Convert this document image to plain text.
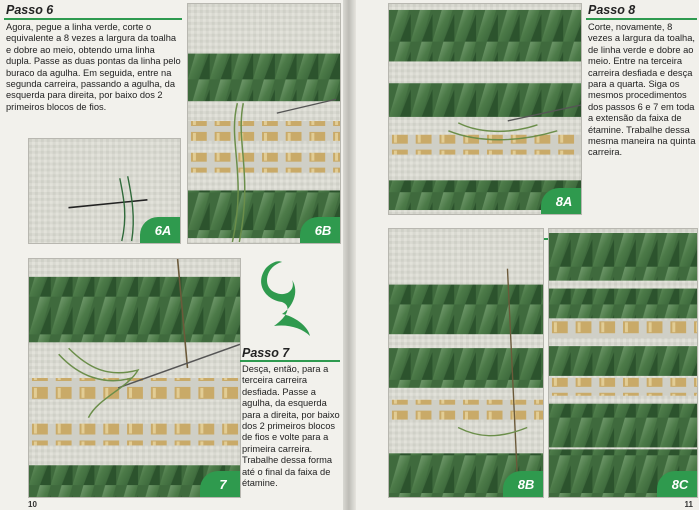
Passo 6

Agora, pegue a linha verde, corte o equivalente a 8 vezes a largura da toalha e dobre ao meio, obtendo uma linha dupla. Passe as duas pontas da linha pelo buraco da agulha. Em seguida, entre na segunda carreira, passando a agulha, da esquerda para direita, por baixo dos 2 primeiros blocos de fios.

6A	6B
7
Passo 7

Desça, então, para a terceira carreira desfiada. Passe a agulha, da esquerda para a direita, por baixo dos 2 primeiros blocos de fios e volte para a primeira carreira. Trabalhe dessa forma até o final da faixa de étamine.

10
8A
Passo 8

Corte, novamente, 8 vezes a largura da toalha, de linha verde e dobre ao meio. Entre na terceira carreira desfiada e desça para a quarta. Siga os mesmos procedimentos dos passos 6 e 7 em toda a extensão da faixa de étamine. Trabalhe dessa mesma maneira na quinta carreira.

8B	8C
11
